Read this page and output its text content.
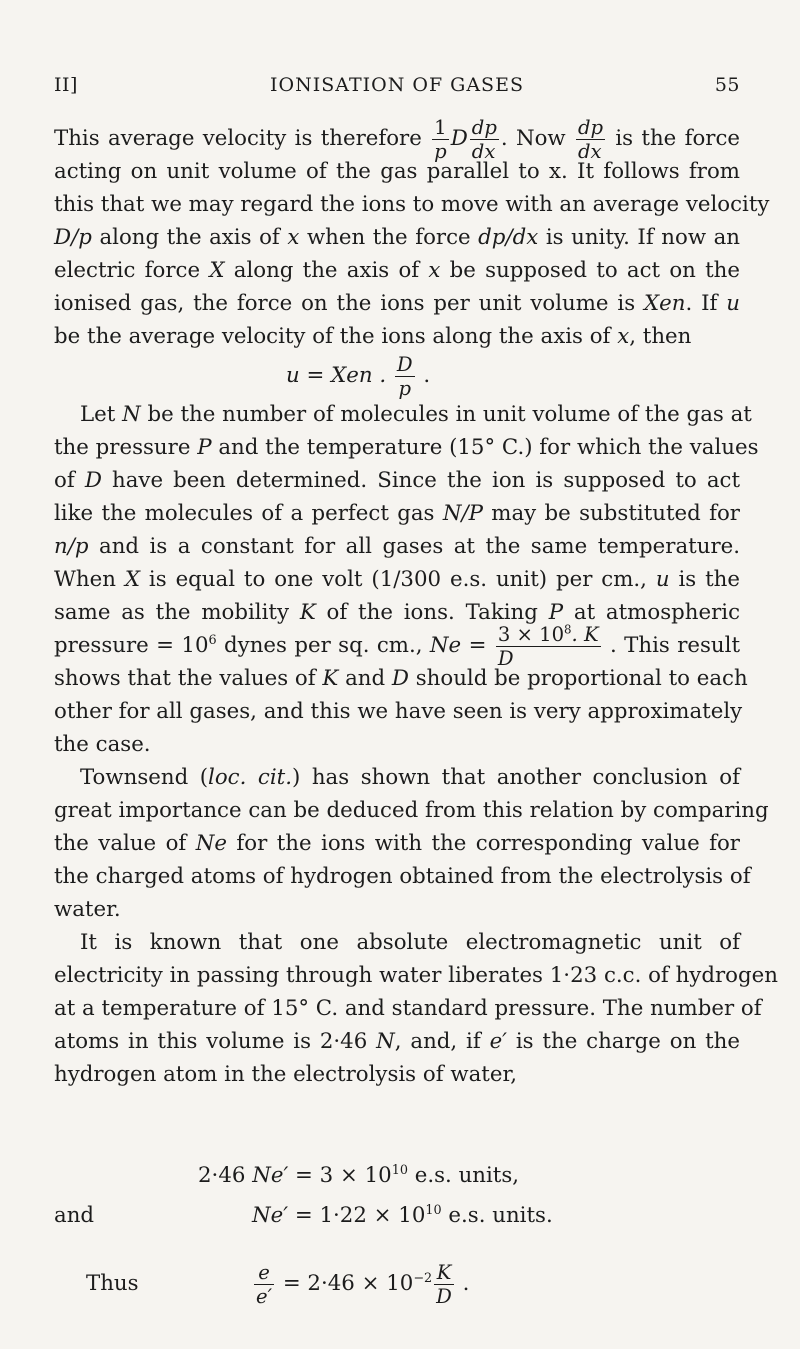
II]	IONISATION OF GASES	55

This average velocity is therefore $\frac{1}{p}$ D $\frac{dp}{dx}$ . Now $\frac{dp}{dx}$ is the force
acting on unit volume of the gas parallel to x. It follows from
this that we may regard the ions to move with an average velocity
D/p along the axis of x when the force dp/dx is unity. If now an
electric force X along the axis of x be supposed to act on the
ionised gas, the force on the ions per unit volume is Xen. If u
be the average velocity of the ions along the axis of x, then

u = Xen . $\frac{D}{p}$ .

Let N be the number of molecules in unit volume of the gas at
the pressure P and the temperature (15° C.) for which the values
of D have been determined. Since the ion is supposed to act
like the molecules of a perfect gas N/P may be substituted for
n/p and is a constant for all gases at the same temperature.
When X is equal to one volt (1/300 e.s. unit) per cm., u is the
same as the mobility K of the ions. Taking P at atmospheric
pressure = $10^6$ dynes per sq. cm., $Ne = \frac{3 \times 10^8. K}{D}$ . This result
shows that the values of K and D should be proportional to each
other for all gases, and this we have seen is very approximately
the case.

Townsend (loc. cit.) has shown that another conclusion of
great importance can be deduced from this relation by comparing
the value of Ne for the ions with the corresponding value for
the charged atoms of hydrogen obtained from the electrolysis of
water.

It is known that one absolute electromagnetic unit of
electricity in passing through water liberates 1·23 c.c. of hydrogen
at a temperature of 15° C. and standard pressure. The number of
atoms in this volume is 2·46 N, and, if e′ is the charge on the
hydrogen atom in the electrolysis of water,

2·46 $Ne' = 3 \times 10^{10}$ e.s. units,
and	$Ne' = 1\cdot 22 \times 10^{10}$ e.s. units.
Thus	$\frac{e}{e'} = 2\cdot 46 \times 10^{-2} \frac{K}{D}$ .
